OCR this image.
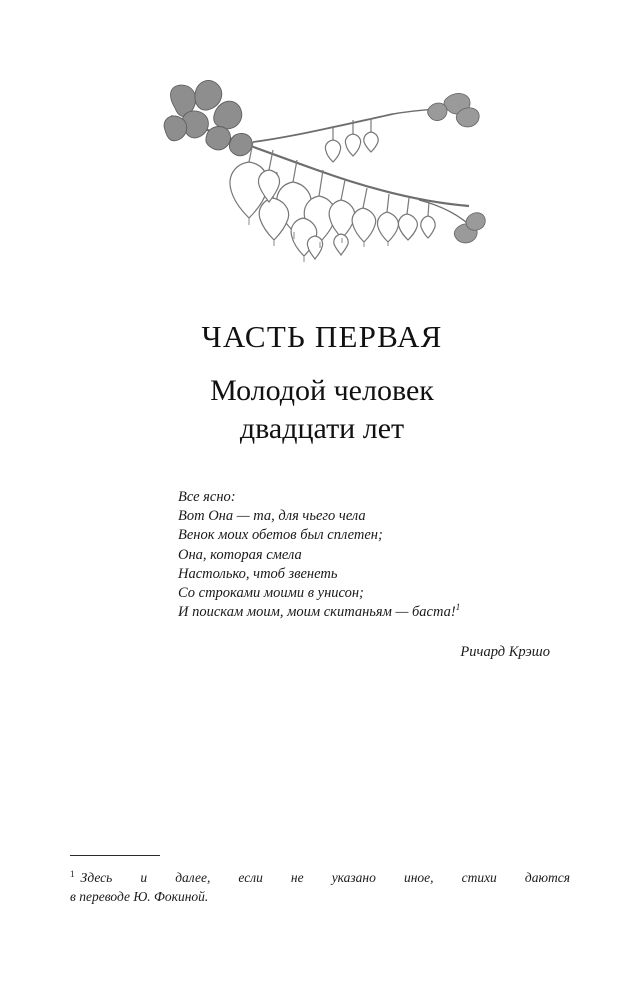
ЧАСТЬ ПЕРВАЯ
Молодой человек
двадцати лет
Все ясно:
Вот Она — та, для чьего чела
Венок моих обетов был сплетен;
Она, которая смела
Настолько, чтоб звенеть
Со строками моими в унисон;
И поискам моим, моим скитаньям — баста!$^1$
Ричард Крэшо
$^1$ Здесь и далее, если не указано иное, стихи даются
в переводе Ю. Фокиной.
